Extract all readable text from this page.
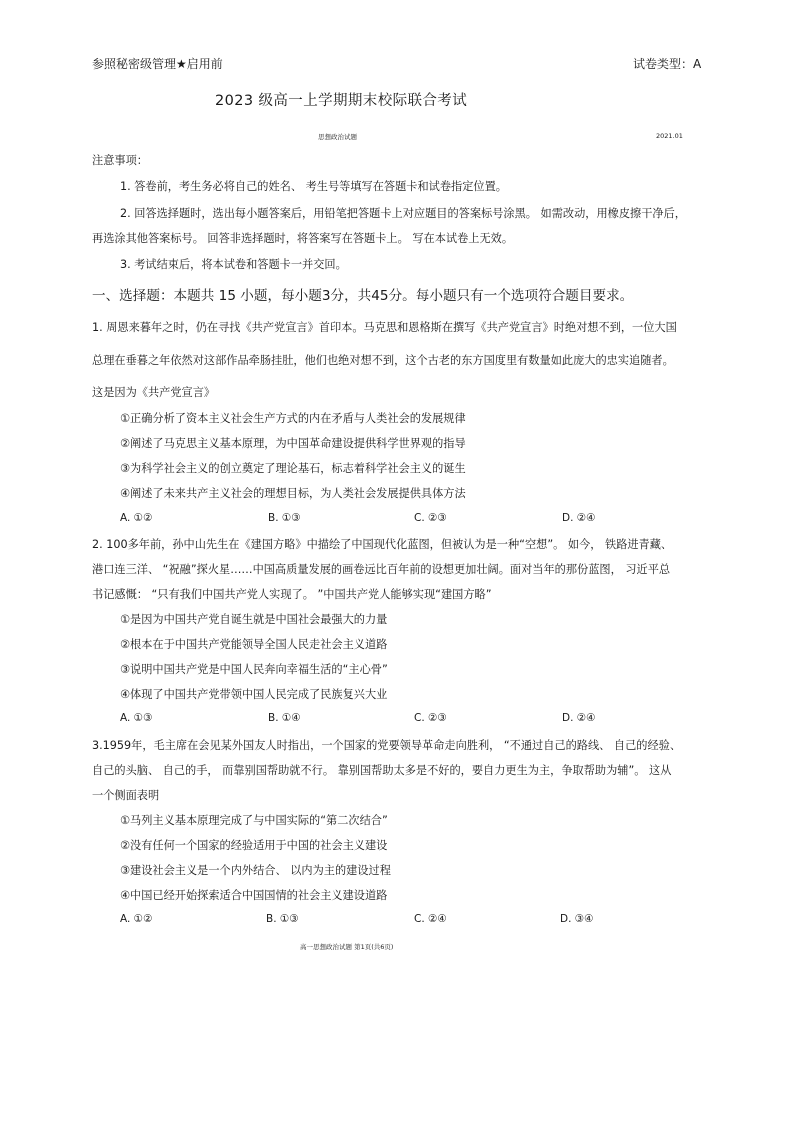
参照秘密级管理★启用前	试卷类型：A
2023 级高一上学期期末校际联合考试
思想政治试题	2021.01
注意事项：
1. 答卷前，考生务必将自己的姓名、 考生号等填写在答题卡和试卷指定位置。
2. 回答选择题时，选出每小题答案后，用铅笔把答题卡上对应题目的答案标号涂黑。 如需改动，用橡皮擦干净后，
再选涂其他答案标号。 回答非选择题时，将答案写在答题卡上。 写在本试卷上无效。
3. 考试结束后，将本试卷和答题卡一并交回。
一、选择题：本题共 15 小题，每小题3分，共45分。每小题只有一个选项符合题目要求。
1. 周恩来暮年之时，仍在寻找《共产党宣言》首印本。马克思和恩格斯在撰写《共产党宣言》时绝对想不到，一位大国
总理在垂暮之年依然对这部作品牵肠挂肚，他们也绝对想不到，这个古老的东方国度里有数量如此庞大的忠实追随者。
这是因为《共产党宣言》
①正确分析了资本主义社会生产方式的内在矛盾与人类社会的发展规律
②阐述了马克思主义基本原理，为中国革命建设提供科学世界观的指导
③为科学社会主义的创立奠定了理论基石，标志着科学社会主义的诞生
④阐述了未来共产主义社会的理想目标，为人类社会发展提供具体方法
A. ①②	B. ①③	C. ②③	D. ②④
2. 100多年前，孙中山先生在《建国方略》中描绘了中国现代化蓝图，但被认为是一种“空想”。 如今， 铁路进青藏、
港口连三洋、 “祝融”探火星……中国高质量发展的画卷远比百年前的设想更加壮阔。面对当年的那份蓝图， 习近平总
书记感慨： “只有我们中国共产党人实现了。 ”中国共产党人能够实现“建国方略”
①是因为中国共产党自诞生就是中国社会最强大的力量
②根本在于中国共产党能领导全国人民走社会主义道路
③说明中国共产党是中国人民奔向幸福生活的“主心骨”
④体现了中国共产党带领中国人民完成了民族复兴大业
A. ①③	B. ①④	C. ②③	D. ②④
3.1959年，毛主席在会见某外国友人时指出，一个国家的党要领导革命走向胜利， “不通过自己的路线、 自己的经验、
自己的头脑、 自己的手， 而靠别国帮助就不行。 靠别国帮助太多是不好的，要自力更生为主，争取帮助为辅”。 这从
一个侧面表明
①马列主义基本原理完成了与中国实际的“第二次结合”
②没有任何一个国家的经验适用于中国的社会主义建设
③建设社会主义是一个内外结合、 以内为主的建设过程
④中国已经开始探索适合中国国情的社会主义建设道路
A. ①②	B. ①③	C. ②④	D. ③④
高一思想政治试题 第1页(共6页)
